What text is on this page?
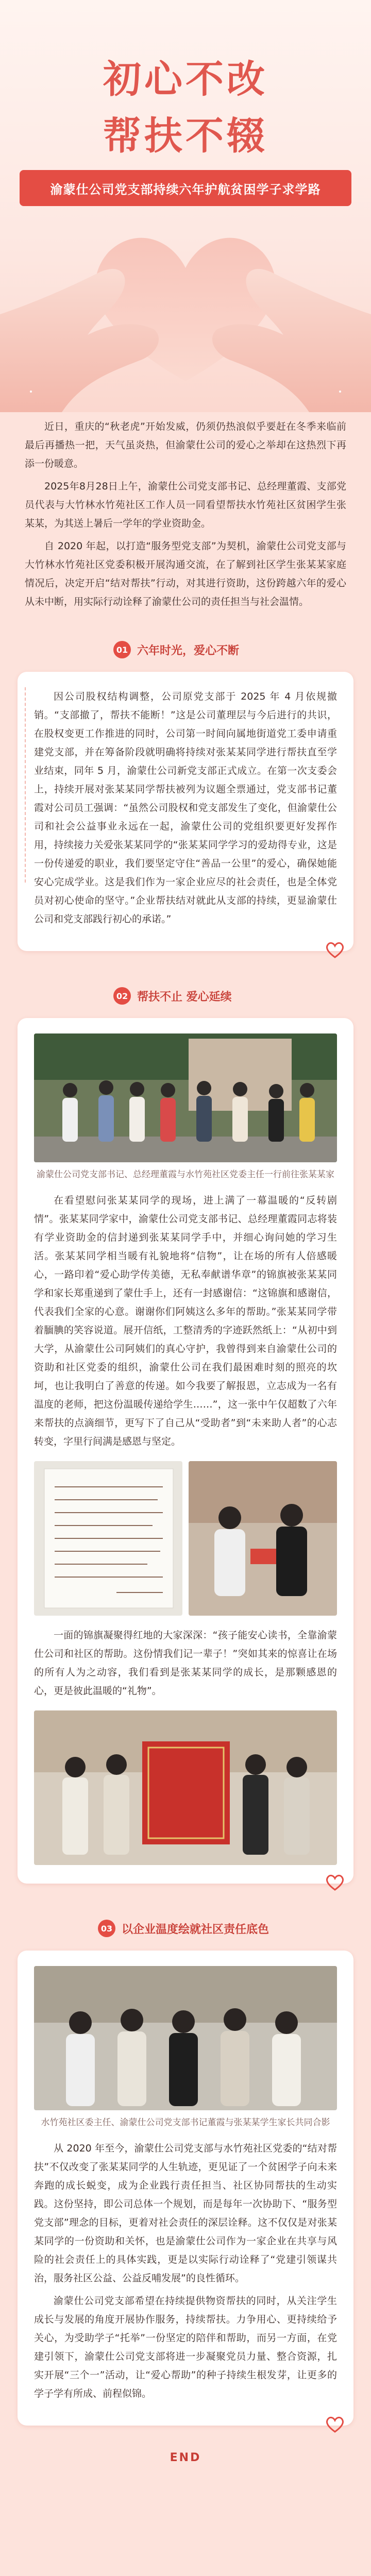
初心不改
帮扶不辍
渝蒙仕公司党支部持续六年护航贫困学子求学路

近日，重庆的“秋老虎”开始发威，仍须仍热浪似乎要赶在冬季来临前最后再播热一把，天气虽炎热，但渝蒙仕公司的爱心之举却在这热烈下再添一份暖意。

2025年8月28日上午，渝蒙仕公司党支部书记、总经理董霞、支部党员代表与大竹林水竹苑社区工作人员一同看望帮扶水竹苑社区贫困学生张某某，为其送上暑后一学年的学业资助金。

自 2020 年起，以打造“服务型党支部”为契机，渝蒙仕公司党支部与大竹林水竹苑社区党委积极开展沟通交流，在了解到社区学生张某某家庭情况后，决定开启“结对帮扶”行动，对其进行资助，这份跨越六年的爱心从未中断，用实际行动诠释了渝蒙仕公司的责任担当与社会温情。

01 六年时光，爱心不断

因公司股权结构调整，公司原党支部于 2025 年 4 月依规撤销。“支部撤了，帮扶不能断！”这是公司董理层与今后进行的共识，在股权变更工作推进的同时，公司第一时间向属地街道党工委申请重建党支部，并在筹备阶段就明确将持续对张某某同学进行帮扶直至学业结束，同年 5 月，渝蒙仕公司新党支部正式成立。在第一次支委会上，持续开展对张某某同学帮扶被列为议题全票通过，党支部书记董霞对公司员工强调：“虽然公司股权和党支部发生了变化，但渝蒙仕公司和社会公益事业永远在一起，渝蒙仕公司的党组织要更好发挥作用，持续接力关爱张某某同学的“张某某同学学习的爱劫得专业，这是一份传递爱的职业，我们要坚定守住“善品一公里”的爱心，确保她能安心完成学业。这是我们作为一家企业应尽的社会责任，也是全体党员对初心使命的坚守。”企业帮扶结对就此从支部的持续，更显渝蒙仕公司和党支部践行初心的承诺。”

02 帮扶不止 爱心延续
渝蒙仕公司党支部书记、总经理董霞与水竹苑社区党委主任一行前往张某某家

在看望慰问张某某同学的现场，进上满了一幕温暖的“反转剧情”。张某某同学家中，渝蒙仕公司党支部书记、总经理董霞同志将装有学业资助金的信封递到张某某同学手中，并细心询问她的学习生活。张某某同学相当暖有礼貌地将“信物”，让在场的所有人倍感暖心，一路印着“爱心助学传美德，无私奉献谱华章”的锦旗被张某某同学和家长郑重递到了蒙仕手上，还有一封感谢信：“这锦旗和感谢信，代表我们全家的心意。谢谢你们阿姨这么多年的帮助。”张某某同学带着腼腆的笑容说道。展开信纸，工整清秀的字迹跃然纸上：“从初中到大学，从渝蒙仕公司阿姨们的真心守护，我曾得到来自渝蒙仕公司的资助和社区党委的组织，渝蒙仕公司在我们最困难时刻的照亮的坎坷，也让我明白了善意的传递。如今我要了解报恩，立志成为一名有温度的老师，把这份温暖传递给学生……”，这一张中午仅超数了六年来帮扶的点滴细节，更写下了自己从“受助者”到“未来助人者”的心志转变，字里行间满是感恩与坚定。

一面的锦旗凝聚得红地的大家深深：“孩子能安心读书，全靠渝蒙仕公司和社区的帮助。这份情我们记一辈子！”突如其来的惊喜让在场的所有人为之动容，我们看到是张某某同学的成长，是那颗感恩的心，更是彼此温暖的“礼物”。

03 以企业温度绘就社区责任底色
水竹苑社区委主任、渝蒙仕公司党支部书记董霞与张某某学生家长共同合影

从 2020 年至今，渝蒙仕公司党支部与水竹苑社区党委的“结对帮扶”不仅改变了张某某同学的人生轨迹，更见证了一个贫困学子向未来奔跑的成长蜕变，成为企业践行责任担当、社区协同帮扶的生动实践。这份坚持，即公司总体一个规划，而是每年一次协助下、“服务型党支部”理念的目标，更着对社会责任的深层诠释。这不仅仅是对张某某同学的一份资助和关怀，也是渝蒙仕公司作为一家企业在共享与风险的社会责任上的具体实践，更是以实际行动诠释了“党建引领谋共治，服务社区公益、公益反哺发展”的良性循环。

渝蒙仕公司党支部希望在持续提供物资帮扶的同时，从关注学生成长与发展的角度开展协作服务，持续帮扶。力争用心、更持续给予关心，为受助学子“托举”一份坚定的陪伴和帮助，而另一方面，在党建引领下，渝蒙仕公司党支部将进一步凝聚党员力量、整合资源，扎实开展“三个一”活动，让“爱心帮助”的种子持续生根发芽，让更多的学子学有所成、前程似锦。

END
